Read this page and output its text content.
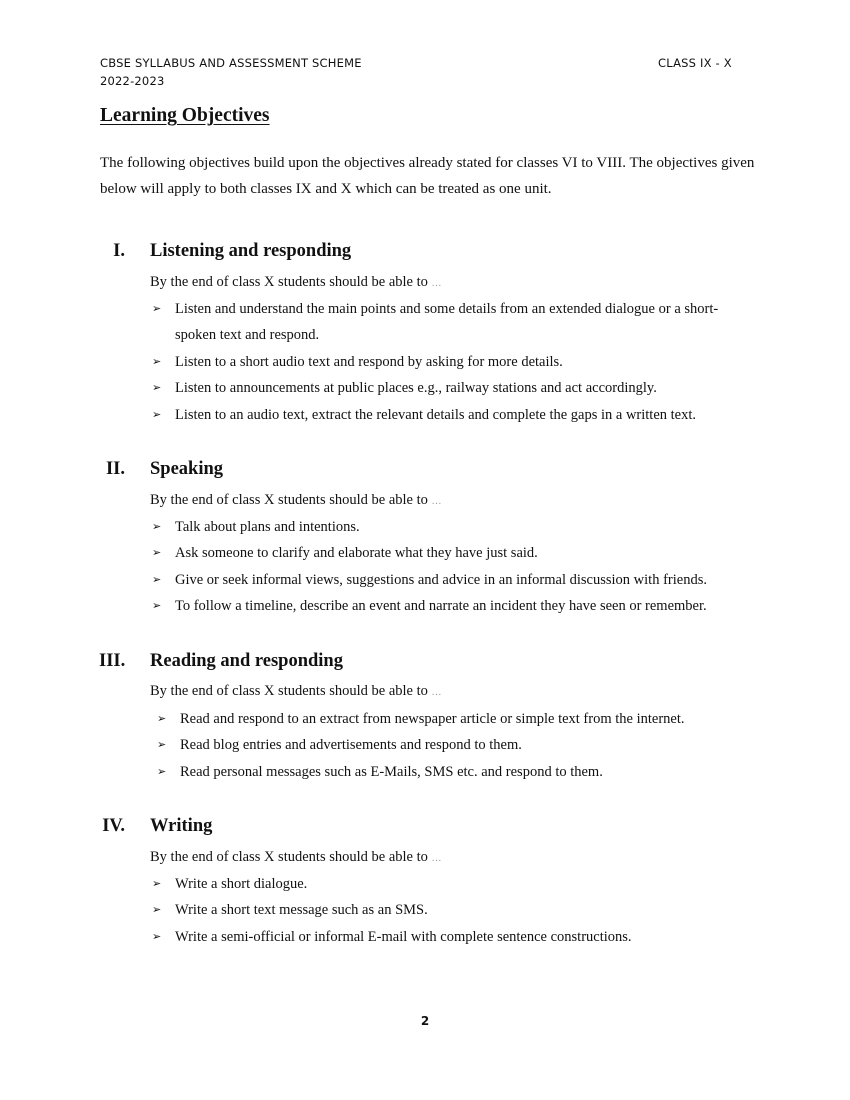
CBSE SYLLABUS AND ASSESSMENT SCHEME
2022-2023
CLASS IX - X
Learning Objectives
The following objectives build upon the objectives already stated for classes VI to VIII. The objectives given below will apply to both classes IX and X which can be treated as one unit.
I. Listening and responding
By the end of class X students should be able to …
➢ Listen and understand the main points and some details from an extended dialogue or a short-spoken text and respond.
➢ Listen to a short audio text and respond by asking for more details.
➢ Listen to announcements at public places e.g., railway stations and act accordingly.
➢ Listen to an audio text, extract the relevant details and complete the gaps in a written text.
II. Speaking
By the end of class X students should be able to …
➢ Talk about plans and intentions.
➢ Ask someone to clarify and elaborate what they have just said.
➢ Give or seek informal views, suggestions and advice in an informal discussion with friends.
➢ To follow a timeline, describe an event and narrate an incident they have seen or remember.
III. Reading and responding
By the end of class X students should be able to …
➢ Read and respond to an extract from newspaper article or simple text from the internet.
➢ Read blog entries and advertisements and respond to them.
➢ Read personal messages such as E-Mails, SMS etc. and respond to them.
IV. Writing
By the end of class X students should be able to …
➢ Write a short dialogue.
➢ Write a short text message such as an SMS.
➢ Write a semi-official or informal E-mail with complete sentence constructions.
2
